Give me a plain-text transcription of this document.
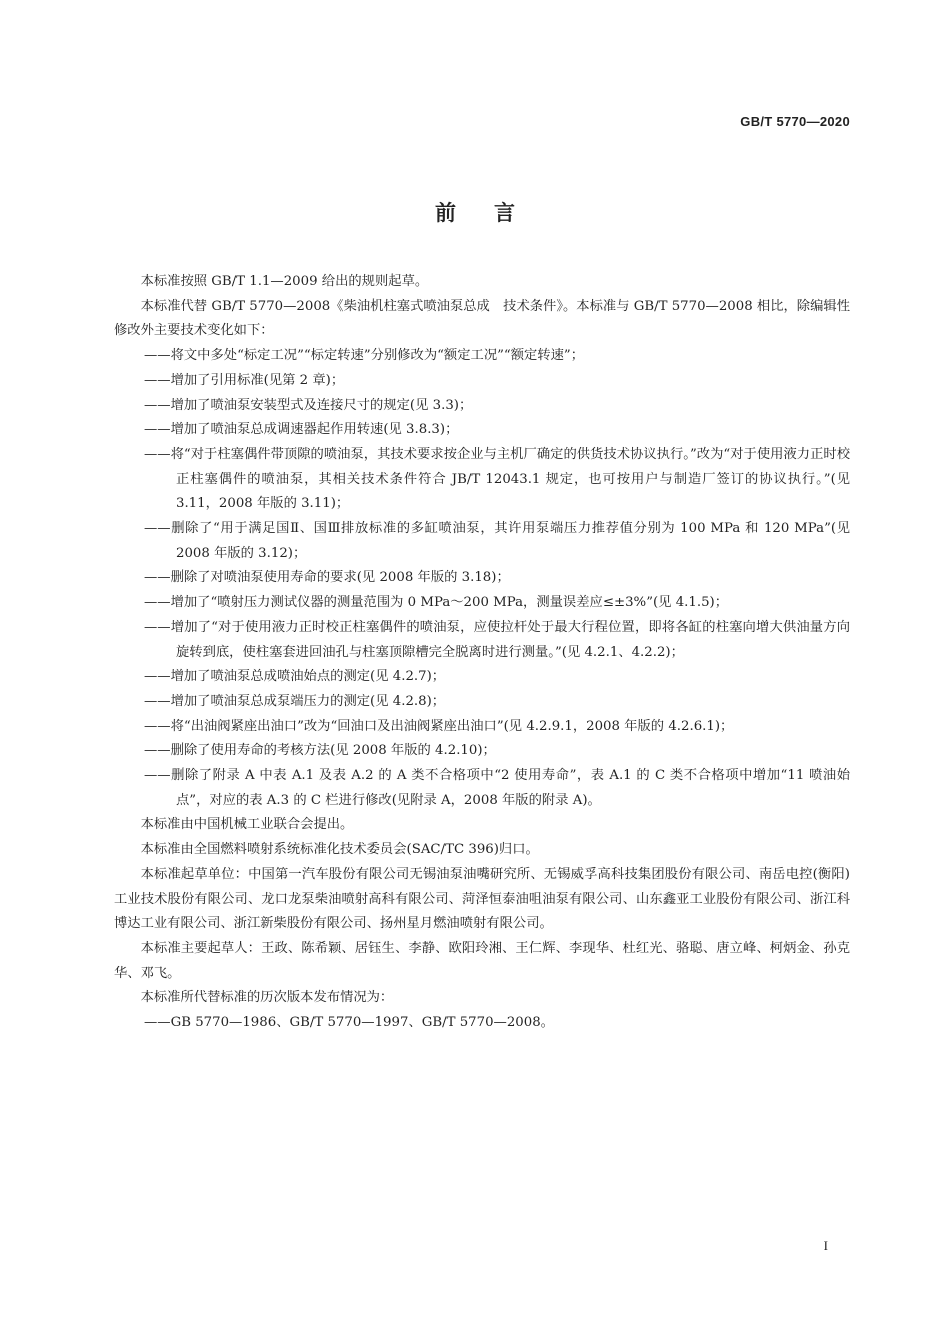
GB/T 5770—2020
前言

本标准按照 GB/T 1.1—2009 给出的规则起草。

本标准代替 GB/T 5770—2008《柴油机柱塞式喷油泵总成　技术条件》。本标准与 GB/T 5770—2008 相比，除编辑性修改外主要技术变化如下：

——将文中多处“标定工况”“标定转速”分别修改为“额定工况”“额定转速”；

——增加了引用标准(见第 2 章)；

——增加了喷油泵安装型式及连接尺寸的规定(见 3.3)；

——增加了喷油泵总成调速器起作用转速(见 3.8.3)；

——将“对于柱塞偶件带顶隙的喷油泵，其技术要求按企业与主机厂确定的供货技术协议执行。”改为“对于使用液力正时校正柱塞偶件的喷油泵，其相关技术条件符合 JB/T 12043.1 规定，也可按用户与制造厂签订的协议执行。”(见 3.11，2008 年版的 3.11)；

——删除了“用于满足国Ⅱ、国Ⅲ排放标准的多缸喷油泵，其许用泵端压力推荐值分别为 100 MPa 和 120 MPa”(见 2008 年版的 3.12)；

——删除了对喷油泵使用寿命的要求(见 2008 年版的 3.18)；

——增加了“喷射压力测试仪器的测量范围为 0 MPa～200 MPa，测量误差应≤±3%”(见 4.1.5)；

——增加了“对于使用液力正时校正柱塞偶件的喷油泵，应使拉杆处于最大行程位置，即将各缸的柱塞向增大供油量方向旋转到底，使柱塞套进回油孔与柱塞顶隙槽完全脱离时进行测量。”(见 4.2.1、4.2.2)；

——增加了喷油泵总成喷油始点的测定(见 4.2.7)；

——增加了喷油泵总成泵端压力的测定(见 4.2.8)；

——将“出油阀紧座出油口”改为“回油口及出油阀紧座出油口”(见 4.2.9.1，2008 年版的 4.2.6.1)；

——删除了使用寿命的考核方法(见 2008 年版的 4.2.10)；

——删除了附录 A 中表 A.1 及表 A.2 的 A 类不合格项中“2 使用寿命”，表 A.1 的 C 类不合格项中增加“11 喷油始点”，对应的表 A.3 的 C 栏进行修改(见附录 A，2008 年版的附录 A)。

本标准由中国机械工业联合会提出。

本标准由全国燃料喷射系统标准化技术委员会(SAC/TC 396)归口。

本标准起草单位：中国第一汽车股份有限公司无锡油泵油嘴研究所、无锡威孚高科技集团股份有限公司、南岳电控(衡阳)工业技术股份有限公司、龙口龙泵柴油喷射高科有限公司、菏泽恒泰油咀油泵有限公司、山东鑫亚工业股份有限公司、浙江科博达工业有限公司、浙江新柴股份有限公司、扬州星月燃油喷射有限公司。

本标准主要起草人：王政、陈希颖、居钰生、李静、欧阳玲湘、王仁辉、李现华、杜红光、骆聪、唐立峰、柯炳金、孙克华、邓飞。

本标准所代替标准的历次版本发布情况为：

——GB 5770—1986、GB/T 5770—1997、GB/T 5770—2008。

I
